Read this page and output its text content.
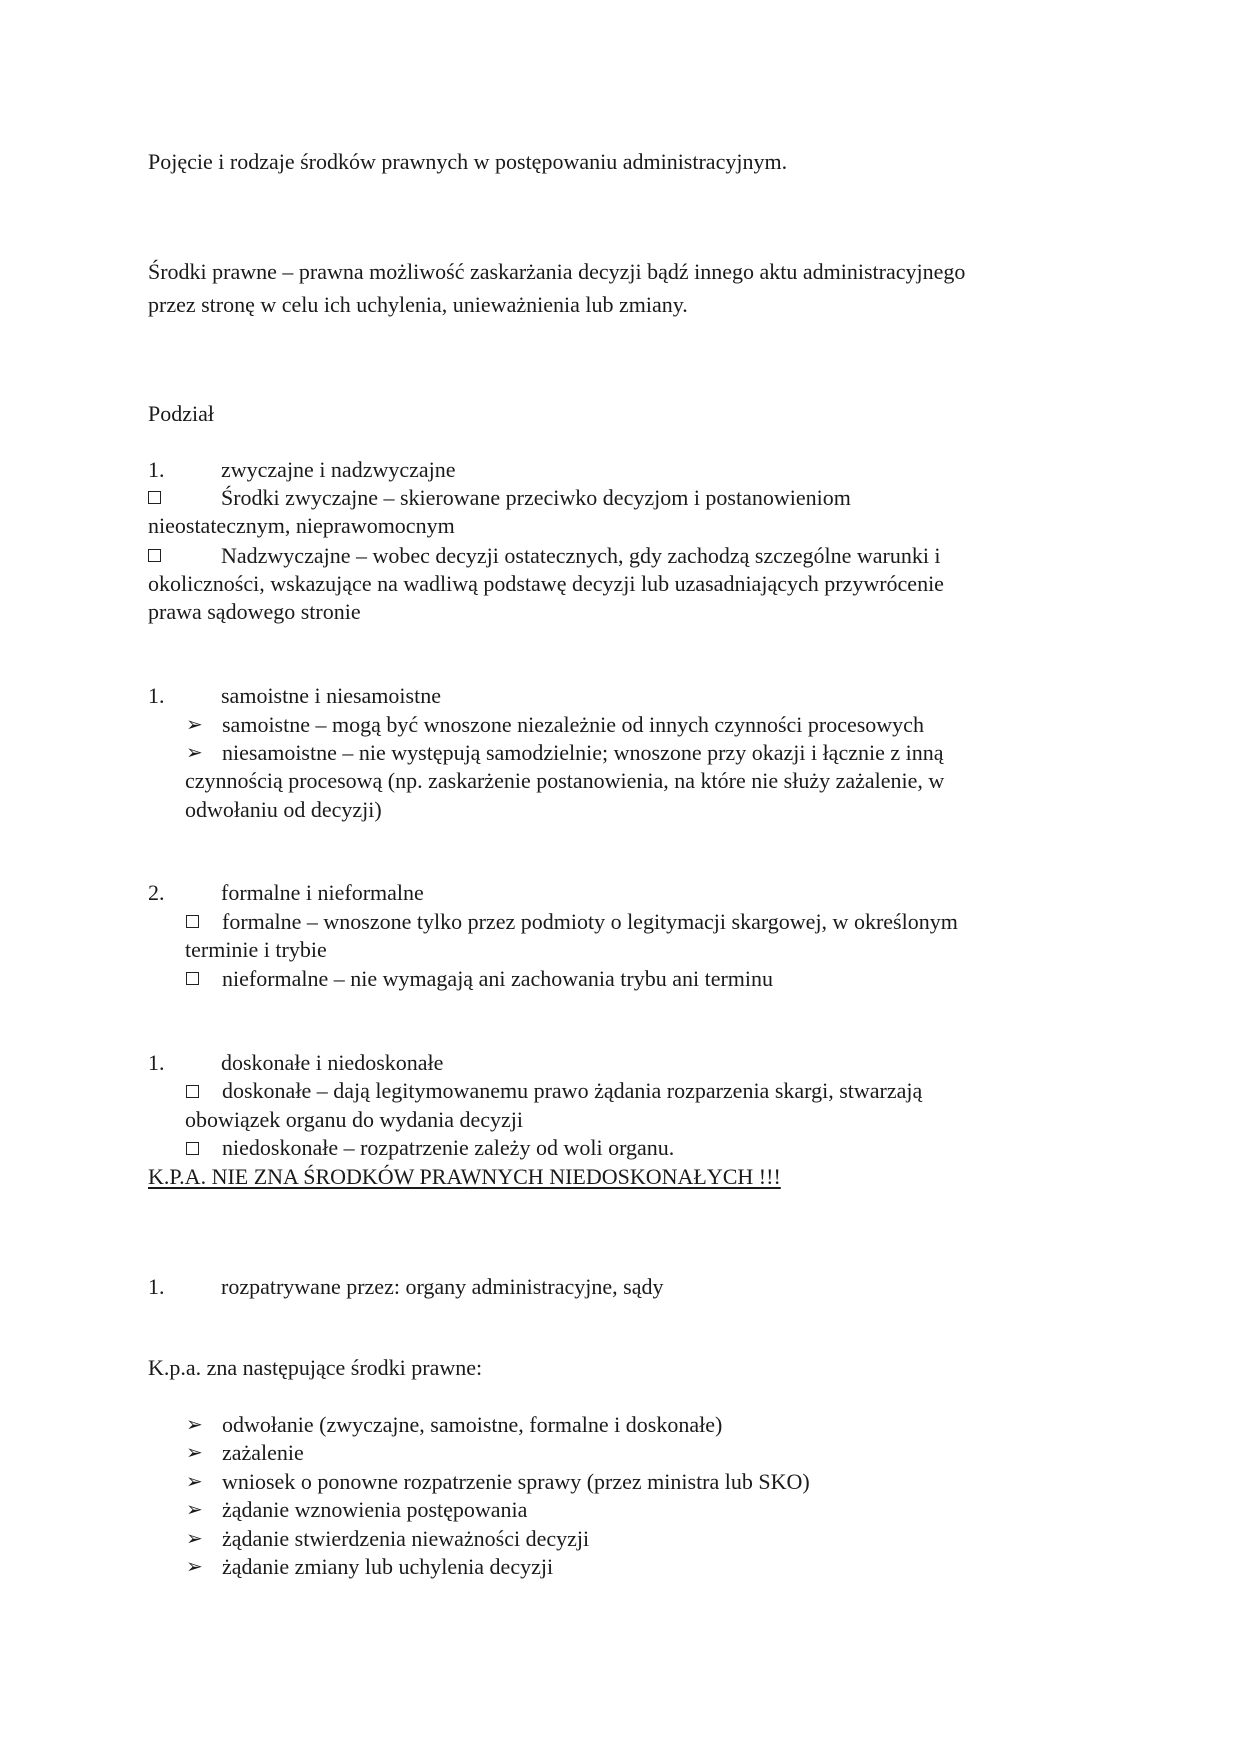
Pojęcie i rodzaje środków prawnych w postępowaniu administracyjnym.
Środki prawne – prawna możliwość zaskarżania decyzji bądź innego aktu administracyjnego
przez stronę w celu ich uchylenia, unieważnienia lub zmiany.
Podział
1.	zwyczajne i nadzwyczajne
Środki zwyczajne – skierowane przeciwko decyzjom i postanowieniom
nieostatecznym, nieprawomocnym
Nadzwyczajne – wobec decyzji ostatecznych, gdy zachodzą szczególne warunki i
okoliczności, wskazujące na wadliwą podstawę decyzji lub uzasadniających przywrócenie
prawa sądowego stronie
1.	samoistne i niesamoistne
➢ samoistne – mogą być wnoszone niezależnie od innych czynności procesowych
➢ niesamoistne – nie występują samodzielnie; wnoszone przy okazji i łącznie z inną
czynnością procesową (np. zaskarżenie postanowienia, na które nie służy zażalenie, w
odwołaniu od decyzji)
2.	formalne i nieformalne
formalne – wnoszone tylko przez podmioty o legitymacji skargowej, w określonym
terminie i trybie
nieformalne – nie wymagają ani zachowania trybu ani terminu
1.	doskonałe i niedoskonałe
doskonałe – dają legitymowanemu prawo żądania rozparzenia skargi, stwarzają
obowiązek organu do wydania decyzji
niedoskonałe – rozpatrzenie zależy od woli organu.
K.P.A. NIE ZNA ŚRODKÓW PRAWNYCH NIEDOSKONAŁYCH !!!
1.	rozpatrywane przez: organy administracyjne, sądy
K.p.a. zna następujące środki prawne:
➢ odwołanie (zwyczajne, samoistne, formalne i doskonałe)
➢ zażalenie
➢ wniosek o ponowne rozpatrzenie sprawy (przez ministra lub SKO)
➢ żądanie wznowienia postępowania
➢ żądanie stwierdzenia nieważności decyzji
➢ żądanie zmiany lub uchylenia decyzji
